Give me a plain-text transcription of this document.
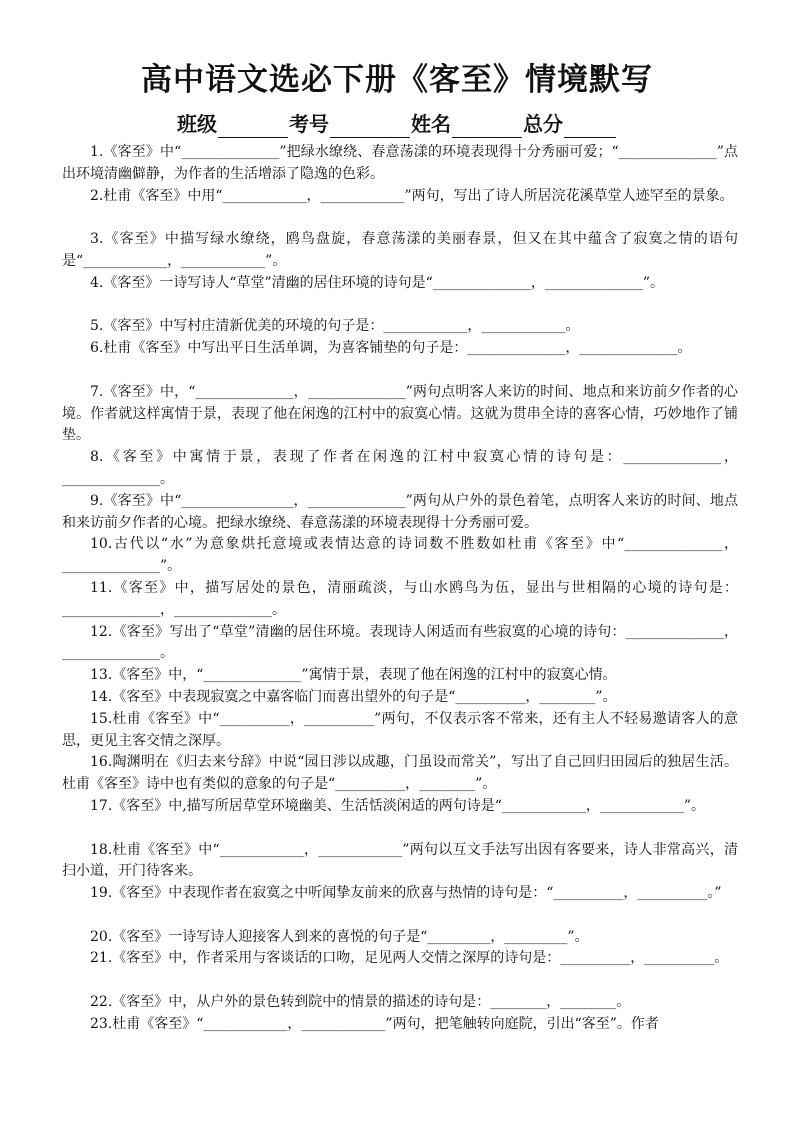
高中语文选必下册《客至》情境默写
班级	考号	姓名	总分

1.《客至》中“______________”把绿水缭绕、春意荡漾的环境表现得十分秀丽可爱；“______________”点出环境清幽僻静，为作者的生活增添了隐逸的色彩。

2.杜甫《客至》中用“____________，____________”两句，写出了诗人所居浣花溪草堂人迹罕至的景象。

3.《客至》中描写绿水缭绕，鸥鸟盘旋，春意荡漾的美丽春景，但又在其中蕴含了寂寞之情的语句是“____________，____________”。

4.《客至》一诗写诗人“草堂”清幽的居住环境的诗句是“______________，______________”。

5.《客至》中写村庄清新优美的环境的句子是：____________，____________。

6.杜甫《客至》中写出平日生活单调，为喜客铺垫的句子是：______________，______________。

7.《客至》中，“______________，______________”两句点明客人来访的时间、地点和来访前夕作者的心境。作者就这样寓情于景，表现了他在闲逸的江村中的寂寞心情。这就为贯串全诗的喜客心情，巧妙地作了铺垫。

8.《客至》中寓情于景，表现了作者在闲逸的江村中寂寞心情的诗句是：______________，______________。

9.《客至》中“________________，______________”两句从户外的景色着笔，点明客人来访的时间、地点和来访前夕作者的心境。把绿水缭绕、春意荡漾的环境表现得十分秀丽可爱。

10.古代以“水”为意象烘托意境或表情达意的诗词数不胜数如杜甫《客至》中“______________，______________”。

11.《客至》中，描写居处的景色，清丽疏淡，与山水鸥鸟为伍，显出与世相隔的心境的诗句是：______________，______________。

12.《客至》写出了“草堂”清幽的居住环境。表现诗人闲适而有些寂寞的心境的诗句：______________，______________。

13.《客至》中，“______________”寓情于景，表现了他在闲逸的江村中的寂寞心情。

14.《客至》中表现寂寞之中嘉客临门而喜出望外的句子是“__________，________”。

15.杜甫《客至》中“__________，__________”两句，不仅表示客不常来，还有主人不轻易邀请客人的意思，更见主客交情之深厚。

16.陶渊明在《归去来兮辞》中说“园日涉以成趣，门虽设而常关”，写出了自己回归田园后的独居生活。杜甫《客至》诗中也有类似的意象的句子是“__________，________”。

17.《客至》中,描写所居草堂环境幽美、生活恬淡闲适的两句诗是“____________，____________”。

18.杜甫《客至》中“____________，____________”两句以互文手法写出因有客要来，诗人非常高兴，清扫小道，开门待客来。

19.《客至》中表现作者在寂寞之中听闻挚友前来的欣喜与热情的诗句是：“__________，__________。”

20.《客至》一诗写诗人迎接客人到来的喜悦的句子是“_________，_________”。

21.《客至》中，作者采用与客谈话的口吻，足见两人交情之深厚的诗句是：__________，__________。

22.《客至》中，从户外的景色转到院中的情景的描述的诗句是：________，________。

23.杜甫《客至》“____________，____________”两句，把笔触转向庭院，引出“客至”。作者
